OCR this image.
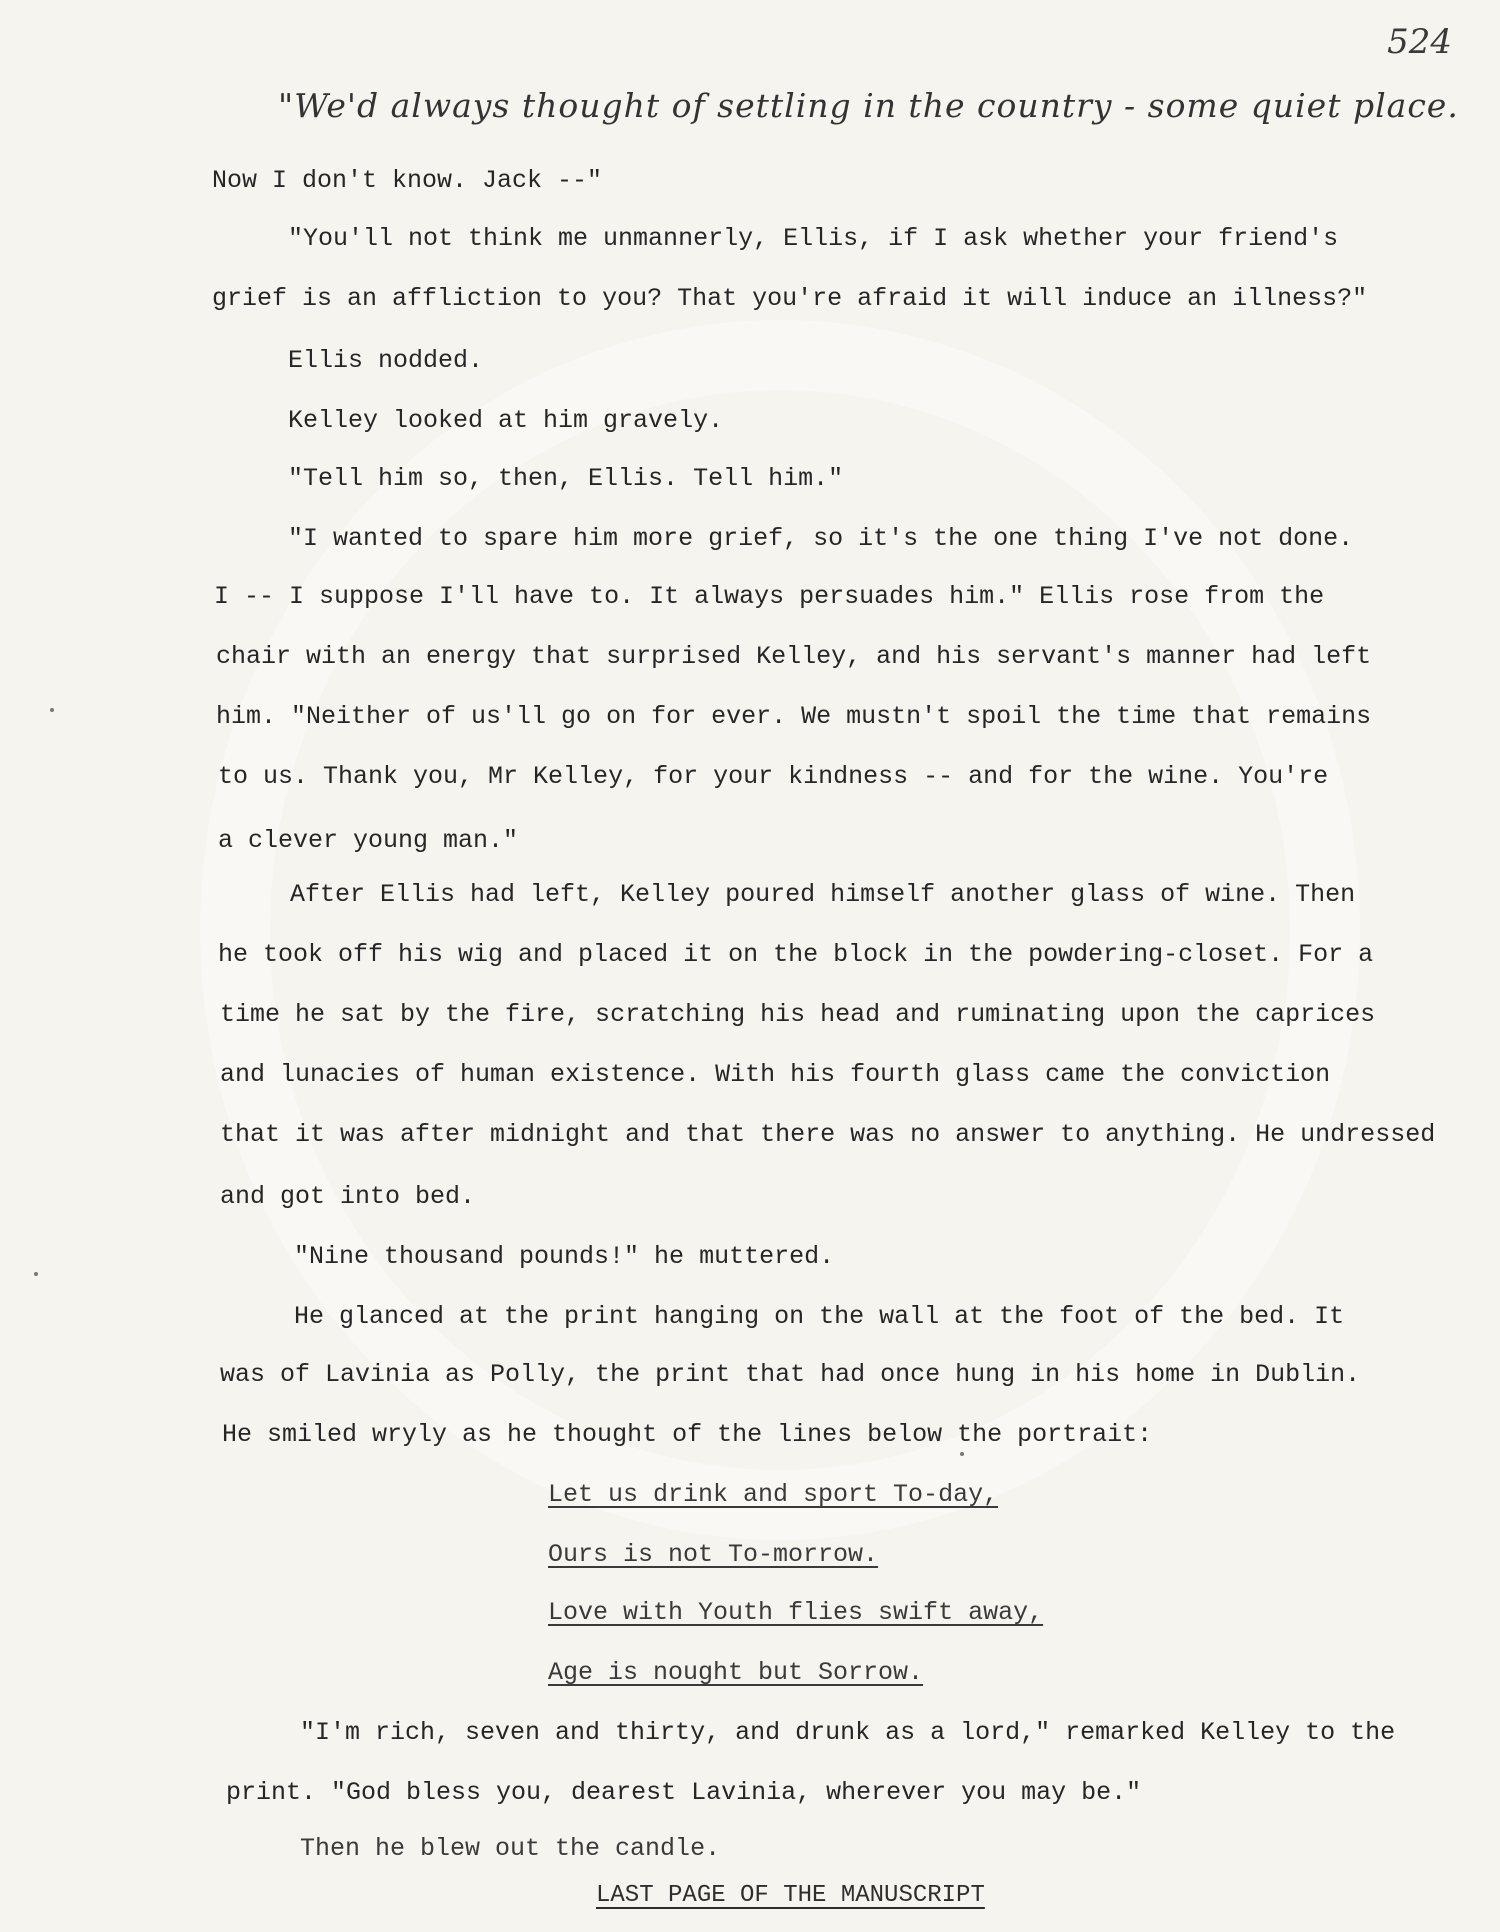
524
"We'd always thought of settling in the country - some quiet place.
Now I don't know. Jack --"
"You'll not think me unmannerly, Ellis, if I ask whether your friend's
grief is an affliction to you? That you're afraid it will induce an illness?"
Ellis nodded.
Kelley looked at him gravely.
"Tell him so, then, Ellis. Tell him."
"I wanted to spare him more grief, so it's the one thing I've not done.
I -- I suppose I'll have to. It always persuades him." Ellis rose from the
chair with an energy that surprised Kelley, and his servant's manner had left
him. "Neither of us'll go on for ever. We mustn't spoil the time that remains
to us. Thank you, Mr Kelley, for your kindness -- and for the wine. You're
a clever young man."
After Ellis had left, Kelley poured himself another glass of wine. Then
he took off his wig and placed it on the block in the powdering-closet. For a
time he sat by the fire, scratching his head and ruminating upon the caprices
and lunacies of human existence. With his fourth glass came the conviction
that it was after midnight and that there was no answer to anything. He undressed
and got into bed.
"Nine thousand pounds!" he muttered.
He glanced at the print hanging on the wall at the foot of the bed. It
was of Lavinia as Polly, the print that had once hung in his home in Dublin.
He smiled wryly as he thought of the lines below the portrait:
Let us drink and sport To-day,
Ours is not To-morrow.
Love with Youth flies swift away,
Age is nought but Sorrow.
"I'm rich, seven and thirty, and drunk as a lord," remarked Kelley to the
print. "God bless you, dearest Lavinia, wherever you may be."
Then he blew out the candle.
LAST PAGE OF THE MANUSCRIPT
